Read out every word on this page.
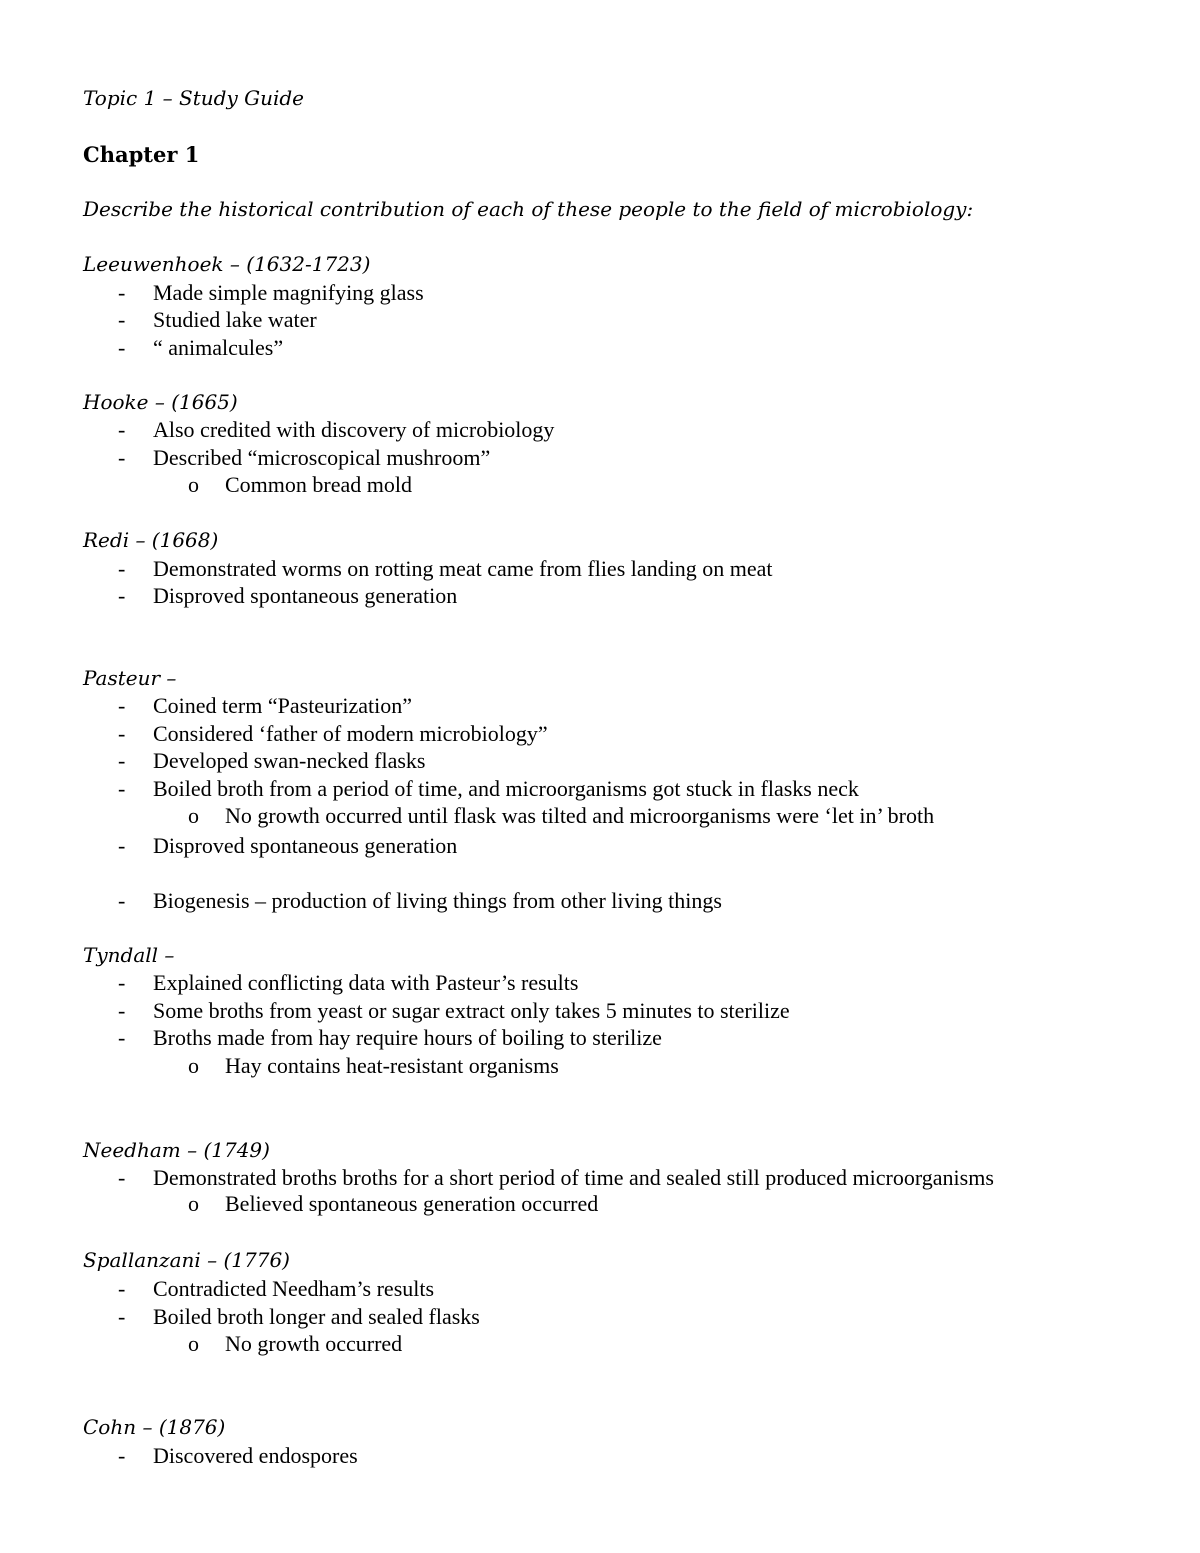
Topic 1 – Study Guide
Chapter 1
Describe the historical contribution of each of these people to the field of microbiology:
Leeuwenhoek – (1632-1723)
- Made simple magnifying glass
- Studied lake water
- “ animalcules”
Hooke – (1665)
- Also credited with discovery of microbiology
- Described “microscopical mushroom”
o Common bread mold
Redi – (1668)
- Demonstrated worms on rotting meat came from flies landing on meat
- Disproved spontaneous generation
Pasteur –
- Coined term “Pasteurization”
- Considered ‘father of modern microbiology”
- Developed swan-necked flasks
- Boiled broth from a period of time, and microorganisms got stuck in flasks neck
o No growth occurred until flask was tilted and microorganisms were ‘let in’ broth
- Disproved spontaneous generation
- Biogenesis – production of living things from other living things
Tyndall –
- Explained conflicting data with Pasteur’s results
- Some broths from yeast or sugar extract only takes 5 minutes to sterilize
- Broths made from hay require hours of boiling to sterilize
o Hay contains heat-resistant organisms
Needham – (1749)
- Demonstrated broths broths for a short period of time and sealed still produced microorganisms
o Believed spontaneous generation occurred
Spallanzani – (1776)
- Contradicted Needham’s results
- Boiled broth longer and sealed flasks
o No growth occurred
Cohn – (1876)
- Discovered endospores
